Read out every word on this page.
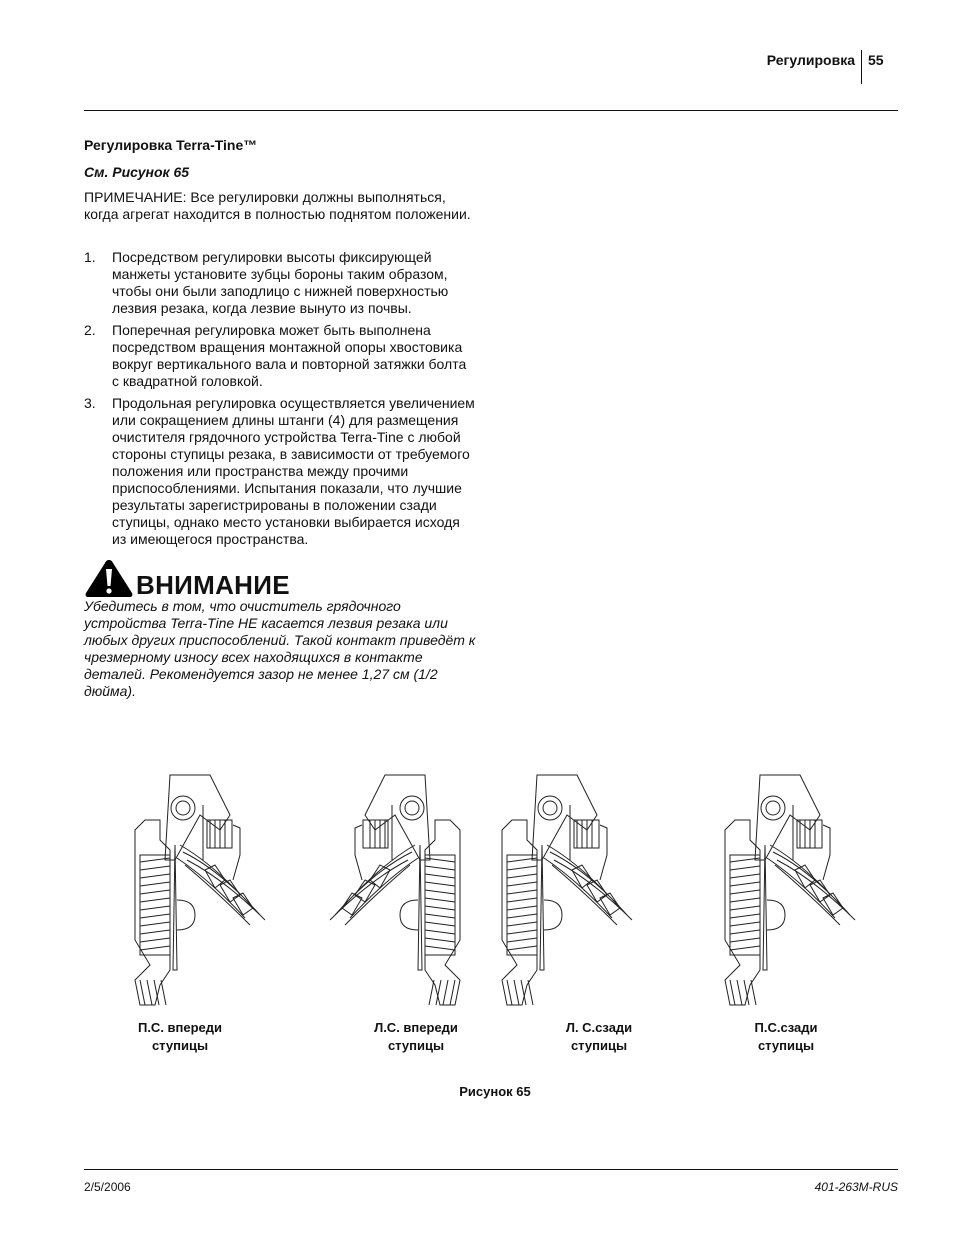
Регулировка 55
Регулировка Terra-Tine™
См. Рисунок 65
ПРИМЕЧАНИЕ: Все регулировки должны выполняться, когда агрегат находится в полностью поднятом положении.
1.	Посредством регулировки высоты фиксирующей манжеты установите зубцы бороны таким образом, чтобы они были заподлицо с нижней поверхностью лезвия резака, когда лезвие вынуто из почвы.
2.	Поперечная регулировка может быть выполнена посредством вращения монтажной опоры хвостовика вокруг вертикального вала и повторной затяжки болта с квадратной головкой.
3.	Продольная регулировка осуществляется увеличением или сокращением длины штанги (4) для размещения очистителя грядочного устройства Terra-Tine с любой стороны ступицы резака, в зависимости от требуемого положения или пространства между прочими приспособлениями. Испытания показали, что лучшие результаты зарегистрированы в положении сзади ступицы, однако место установки выбирается исходя из имеющегося пространства.
ВНИМАНИЕ
Убедитесь в том, что очиститель грядочного устройства Terra-Tine НЕ касается лезвия резака или любых других приспособлений. Такой контакт приведёт к чрезмерному износу всех находящихся в контакте деталей. Рекомендуется зазор не менее 1,27 см (1/2 дюйма).
П.С. впереди
ступицы
Л.С. впереди
ступицы
Л. С.сзади
ступицы
П.С.сзади
ступицы
Рисунок 65
2/5/2006	401-263M-RUS
